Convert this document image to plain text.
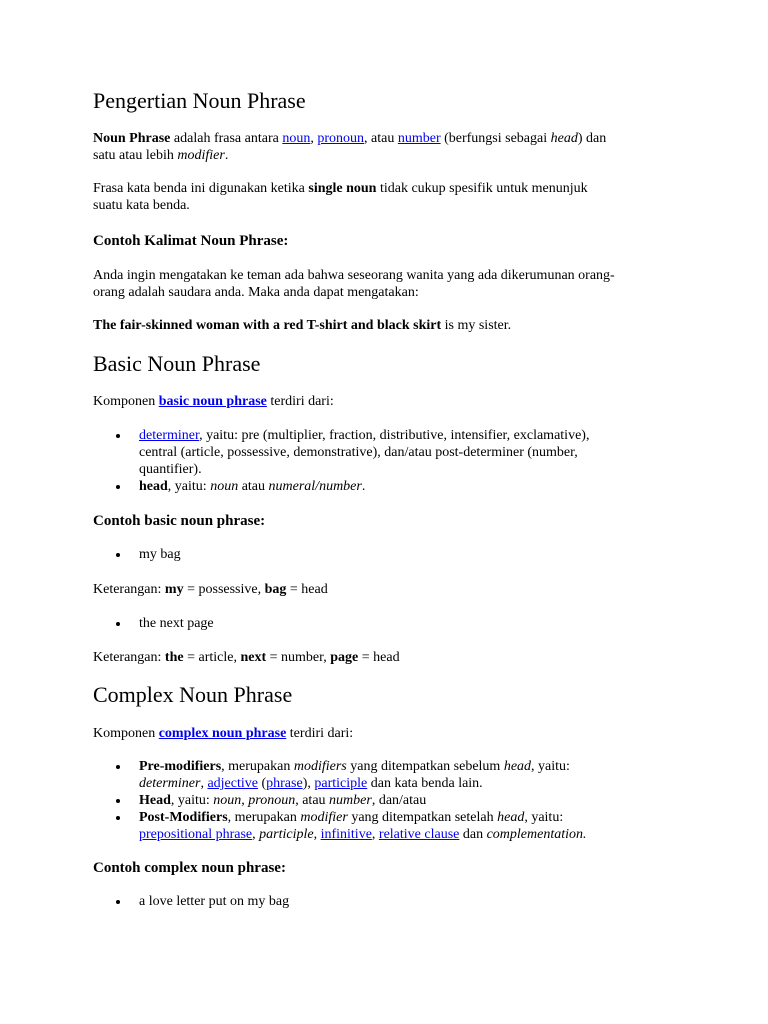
Pengertian Noun Phrase

Noun Phrase adalah frasa antara noun, pronoun, atau number (berfungsi sebagai head) dan
satu atau lebih modifier.

Frasa kata benda ini digunakan ketika single noun tidak cukup spesifik untuk menunjuk
suatu kata benda.

Contoh Kalimat Noun Phrase:

Anda ingin mengatakan ke teman ada bahwa seseorang wanita yang ada dikerumunan orang-
orang adalah saudara anda. Maka anda dapat mengatakan:

The fair-skinned woman with a red T-shirt and black skirt is my sister.

Basic Noun Phrase

Komponen basic noun phrase terdiri dari:

determiner, yaitu: pre (multiplier, fraction, distributive, intensifier, exclamative),
central (article, possessive, demonstrative), dan/atau post-determiner (number,
quantifier).
head, yaitu: noun atau numeral/number.
Contoh basic noun phrase:
my bag

Keterangan: my = possessive, bag = head

the next page

Keterangan: the = article, next = number, page = head

Complex Noun Phrase

Komponen complex noun phrase terdiri dari:

Pre-modifiers, merupakan modifiers yang ditempatkan sebelum head, yaitu:
determiner, adjective (phrase), participle dan kata benda lain.
Head, yaitu: noun, pronoun, atau number, dan/atau
Post-Modifiers, merupakan modifier yang ditempatkan setelah head, yaitu:
prepositional phrase, participle, infinitive, relative clause dan complementation.
Contoh complex noun phrase:
a love letter put on my bag
